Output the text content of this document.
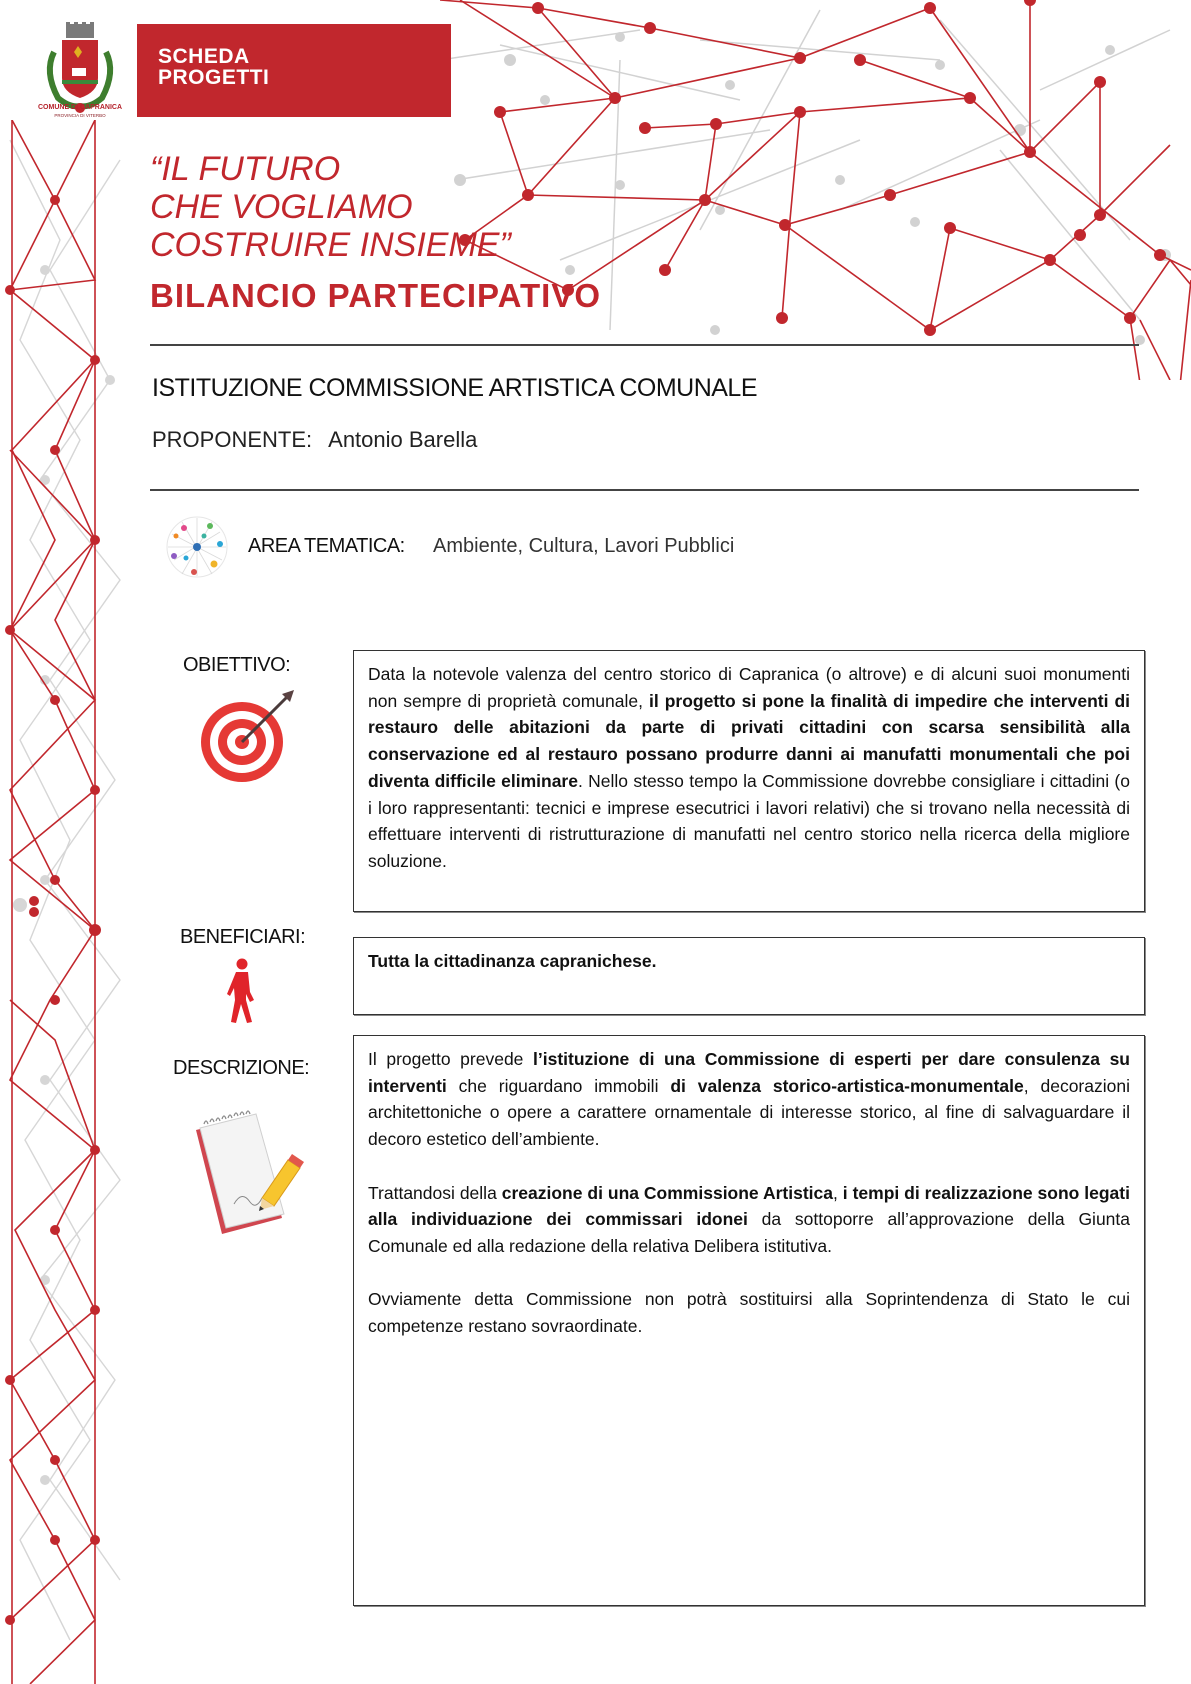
COMUNE DI CAPRANICA
PROVINCIA DI VITERBO
SCHEDA
PROGETTI
“IL FUTURO
CHE VOGLIAMO
COSTRUIRE INSIEME”
BILANCIO PARTECIPATIVO
ISTITUZIONE COMMISSIONE ARTISTICA COMUNALE
PROPONENTE: Antonio Barella
AREA TEMATICA: Ambiente, Cultura, Lavori Pubblici
OBIETTIVO:	Data la notevole valenza del centro storico di Capranica (o altrove) e di alcuni suoi monumenti non sempre di proprietà comunale, il progetto si pone la finalità di impedire che interventi di restauro delle abitazioni da parte di privati cittadini con scarsa sensibilità alla conservazione ed al restauro possano produrre danni ai manufatti monumentali che poi diventa difficile eliminare. Nello stesso tempo la Commissione dovrebbe consigliare i cittadini (o i loro rappresentanti: tecnici e imprese esecutrici i lavori relativi) che si trovano nella necessità di effettuare interventi di ristrutturazione di manufatti nel centro storico nella ricerca della migliore soluzione.

BENEFICIARI:

Tutta la cittadinanza capranichese.

DESCRIZIONE:	Il progetto prevede l’istituzione di una Commissione di esperti per dare consulenza su interventi che riguardano immobili di valenza storico-artistica-monumentale, decorazioni architettoniche o opere a carattere ornamentale di interesse storico, al fine di salvaguardare il decoro estetico dell’ambiente.

Trattandosi della creazione di una Commissione Artistica, i tempi di realizzazione sono legati alla individuazione dei commissari idonei da sottoporre all’approvazione della Giunta Comunale ed alla redazione della relativa Delibera istitutiva.

Ovviamente detta Commissione non potrà sostituirsi alla Soprintendenza di Stato le cui competenze restano sovraordinate.
